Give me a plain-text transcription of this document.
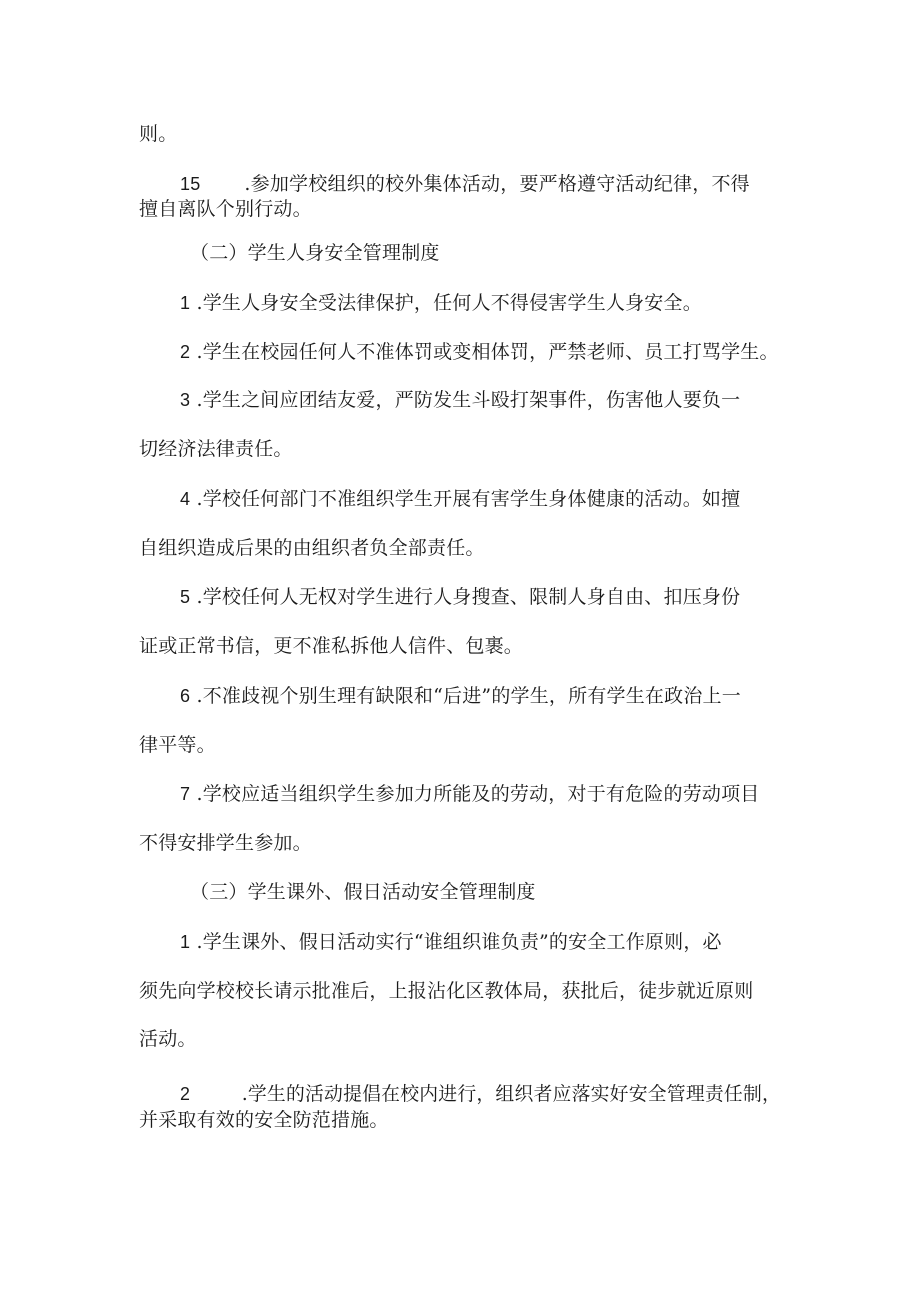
则。
15 .参加学校组织的校外集体活动，要严格遵守活动纪律，不得
擅自离队个别行动。
（二）学生人身安全管理制度
1 .学生人身安全受法律保护，任何人不得侵害学生人身安全。
2 .学生在校园任何人不准体罚或变相体罚，严禁老师、员工打骂学生。
3 .学生之间应团结友爱，严防发生斗殴打架事件，伤害他人要负一
切经济法律责任。
4 .学校任何部门不准组织学生开展有害学生身体健康的活动。如擅
自组织造成后果的由组织者负全部责任。
5 .学校任何人无权对学生进行人身搜查、限制人身自由、扣压身份
证或正常书信，更不准私拆他人信件、包裹。
6 .不准歧视个别生理有缺限和“后进”的学生，所有学生在政治上一
律平等。
7 .学校应适当组织学生参加力所能及的劳动，对于有危险的劳动项目
不得安排学生参加。
（三）学生课外、假日活动安全管理制度
1 .学生课外、假日活动实行“谁组织谁负责”的安全工作原则，必
须先向学校校长请示批准后，上报沾化区教体局，获批后，徒步就近原则
活动。
2	.学生的活动提倡在校内进行，组织者应落实好安全管理责任制，
并采取有效的安全防范措施。
